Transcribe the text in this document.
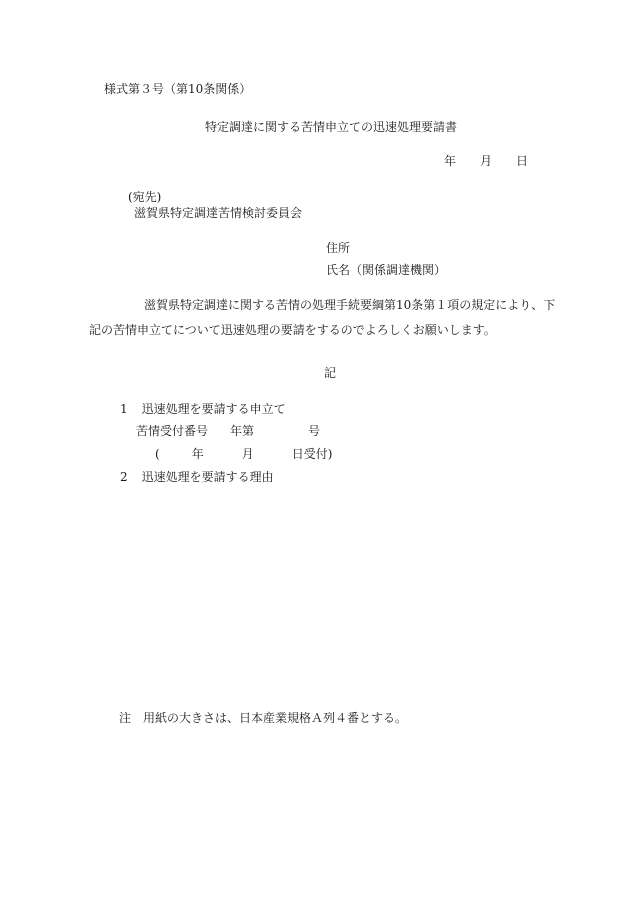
様式第３号（第10条関係）
特定調達に関する苦情申立ての迅速処理要請書
年 月 日
(宛先)
滋賀県特定調達苦情検討委員会
住所
氏名（関係調達機関）
滋賀県特定調達に関する苦情の処理手続要綱第10条第１項の規定により、下
記の苦情申立てについて迅速処理の要請をするのでよろしくお願いします。
記
1 迅速処理を要請する申立て
苦情受付番号 年第	号
(	年	月	日受付)
2 迅速処理を要請する理由
注 用紙の大きさは、日本産業規格Ａ列４番とする。
